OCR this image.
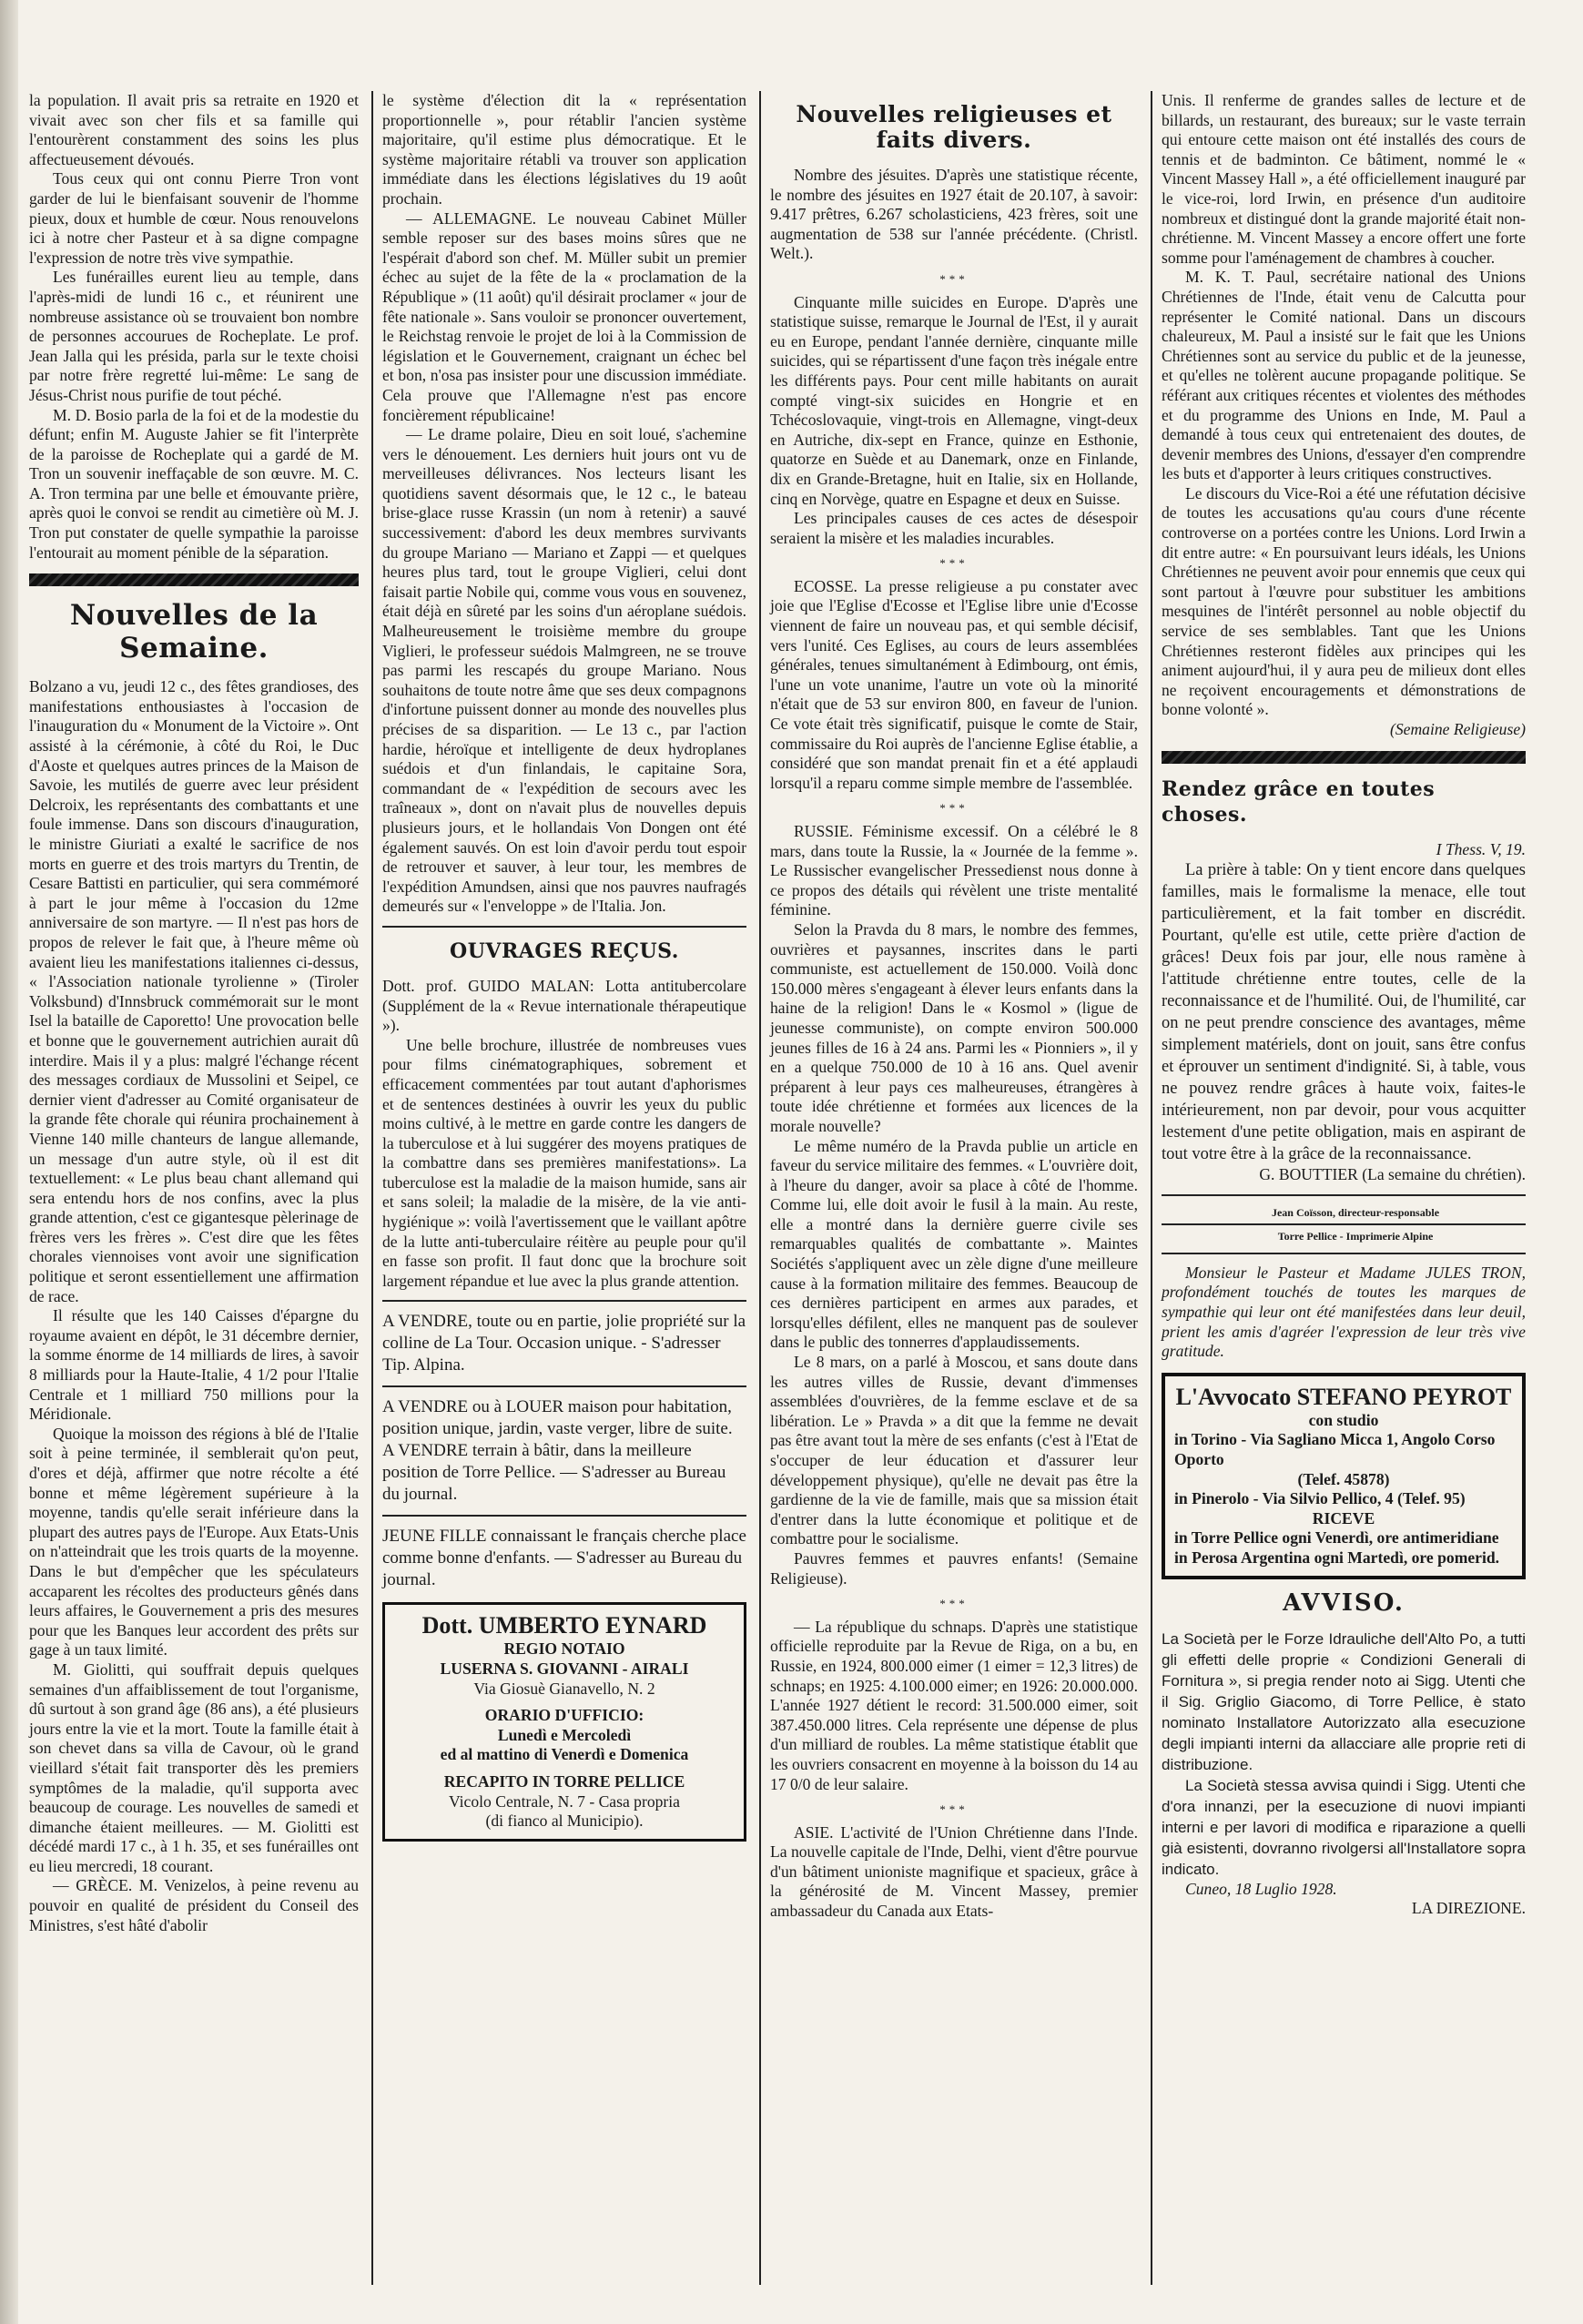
la population. Il avait pris sa retraite en 1920 et vivait avec son cher fils et sa famille qui l'entourèrent constamment des soins les plus affectueusement dévoués.

Tous ceux qui ont connu Pierre Tron vont garder de lui le bienfaisant souvenir de l'homme pieux, doux et humble de cœur. Nous renouvelons ici à notre cher Pasteur et à sa digne compagne l'expression de notre très vive sympathie.

Les funérailles eurent lieu au temple, dans l'après-midi de lundi 16 c., et réunirent une nombreuse assistance où se trouvaient bon nombre de personnes accourues de Rocheplate. Le prof. Jean Jalla qui les présida, parla sur le texte choisi par notre frère regretté lui-même: Le sang de Jésus-Christ nous purifie de tout péché.

M. D. Bosio parla de la foi et de la modestie du défunt; enfin M. Auguste Jahier se fit l'interprète de la paroisse de Rocheplate qui a gardé de M. Tron un souvenir ineffaçable de son œuvre. M. C. A. Tron termina par une belle et émouvante prière, après quoi le convoi se rendit au cimetière où M. J. Tron put constater de quelle sympathie la paroisse l'entourait au moment pénible de la séparation.

Nouvelles de la Semaine.

Bolzano a vu, jeudi 12 c., des fêtes grandioses, des manifestations enthousiastes à l'occasion de l'inauguration du « Monument de la Victoire ». Ont assisté à la cérémonie, à côté du Roi, le Duc d'Aoste et quelques autres princes de la Maison de Savoie, les mutilés de guerre avec leur président Delcroix, les représentants des combattants et une foule immense. Dans son discours d'inauguration, le ministre Giuriati a exalté le sacrifice de nos morts en guerre et des trois martyrs du Trentin, de Cesare Battisti en particulier, qui sera commémoré à part le jour même à l'occasion du 12me anniversaire de son martyre. — Il n'est pas hors de propos de relever le fait que, à l'heure même où avaient lieu les manifestations italiennes ci-dessus, « l'Association nationale tyrolienne » (Tiroler Volksbund) d'Innsbruck commémorait sur le mont Isel la bataille de Caporetto! Une provocation belle et bonne que le gouvernement autrichien aurait dû interdire. Mais il y a plus: malgré l'échange récent des messages cordiaux de Mussolini et Seipel, ce dernier vient d'adresser au Comité organisateur de la grande fête chorale qui réunira prochainement à Vienne 140 mille chanteurs de langue allemande, un message d'un autre style, où il est dit textuellement: « Le plus beau chant allemand qui sera entendu hors de nos confins, avec la plus grande attention, c'est ce gigantesque pèlerinage de frères vers les frères ». C'est dire que les fêtes chorales viennoises vont avoir une signification politique et seront essentiellement une affirmation de race.

Il résulte que les 140 Caisses d'épargne du royaume avaient en dépôt, le 31 décembre dernier, la somme énorme de 14 milliards de lires, à savoir 8 milliards pour la Haute-Italie, 4 1/2 pour l'Italie Centrale et 1 milliard 750 millions pour la Méridionale.

Quoique la moisson des régions à blé de l'Italie soit à peine terminée, il semblerait qu'on peut, d'ores et déjà, affirmer que notre récolte a été bonne et même légèrement supérieure à la moyenne, tandis qu'elle serait inférieure dans la plupart des autres pays de l'Europe. Aux Etats-Unis on n'atteindrait que les trois quarts de la moyenne. Dans le but d'empêcher que les spéculateurs accaparent les récoltes des producteurs gênés dans leurs affaires, le Gouvernement a pris des mesures pour que les Banques leur accordent des prêts sur gage à un taux limité.

M. Giolitti, qui souffrait depuis quelques semaines d'un affaiblissement de tout l'organisme, dû surtout à son grand âge (86 ans), a été plusieurs jours entre la vie et la mort. Toute la famille était à son chevet dans sa villa de Cavour, où le grand vieillard s'était fait transporter dès les premiers symptômes de la maladie, qu'il supporta avec beaucoup de courage. Les nouvelles de samedi et dimanche étaient meilleures. — M. Giolitti est décédé mardi 17 c., à 1 h. 35, et ses funérailles ont eu lieu mercredi, 18 courant.

— GRÈCE. M. Venizelos, à peine revenu au pouvoir en qualité de président du Conseil des Ministres, s'est hâté d'abolir

le système d'élection dit la « représentation proportionnelle », pour rétablir l'ancien système majoritaire, qu'il estime plus démocratique. Et le système majoritaire rétabli va trouver son application immédiate dans les élections législatives du 19 août prochain.

— ALLEMAGNE. Le nouveau Cabinet Müller semble reposer sur des bases moins sûres que ne l'espérait d'abord son chef. M. Müller subit un premier échec au sujet de la fête de la « proclamation de la République » (11 août) qu'il désirait proclamer « jour de fête nationale ». Sans vouloir se prononcer ouvertement, le Reichstag renvoie le projet de loi à la Commission de législation et le Gouvernement, craignant un échec bel et bon, n'osa pas insister pour une discussion immédiate. Cela prouve que l'Allemagne n'est pas encore foncièrement républicaine!

— Le drame polaire, Dieu en soit loué, s'achemine vers le dénouement. Les derniers huit jours ont vu de merveilleuses délivrances. Nos lecteurs lisant les quotidiens savent désormais que, le 12 c., le bateau brise-glace russe Krassin (un nom à retenir) a sauvé successivement: d'abord les deux membres survivants du groupe Mariano — Mariano et Zappi — et quelques heures plus tard, tout le groupe Viglieri, celui dont faisait partie Nobile qui, comme vous vous en souvenez, était déjà en sûreté par les soins d'un aéroplane suédois. Malheureusement le troisième membre du groupe Viglieri, le professeur suédois Malmgreen, ne se trouve pas parmi les rescapés du groupe Mariano. Nous souhaitons de toute notre âme que ses deux compagnons d'infortune puissent donner au monde des nouvelles plus précises de sa disparition. — Le 13 c., par l'action hardie, héroïque et intelligente de deux hydroplanes suédois et d'un finlandais, le capitaine Sora, commandant de « l'expédition de secours avec les traîneaux », dont on n'avait plus de nouvelles depuis plusieurs jours, et le hollandais Von Dongen ont été également sauvés. On est loin d'avoir perdu tout espoir de retrouver et sauver, à leur tour, les membres de l'expédition Amundsen, ainsi que nos pauvres naufragés demeurés sur « l'enveloppe » de l'Italia. Jon.

OUVRAGES REÇUS.

Dott. prof. GUIDO MALAN: Lotta antitubercolare (Supplément de la « Revue internationale thérapeutique »).

Une belle brochure, illustrée de nombreuses vues pour films cinématographiques, sobrement et efficacement commentées par tout autant d'aphorismes et de sentences destinées à ouvrir les yeux du public moins cultivé, à le mettre en garde contre les dangers de la tuberculose et à lui suggérer des moyens pratiques de la combattre dans ses premières manifestations». La tuberculose est la maladie de la maison humide, sans air et sans soleil; la maladie de la misère, de la vie anti-hygiénique »: voilà l'avertissement que le vaillant apôtre de la lutte anti-tuberculaire réitère au peuple pour qu'il en fasse son profit. Il faut donc que la brochure soit largement répandue et lue avec la plus grande attention.

A VENDRE, toute ou en partie, jolie propriété sur la colline de La Tour. Occasion unique. - S'adresser Tip. Alpina.

A VENDRE ou à LOUER maison pour habitation, position unique, jardin, vaste verger, libre de suite.

A VENDRE terrain à bâtir, dans la meilleure position de Torre Pellice. — S'adresser au Bureau du journal.

JEUNE FILLE connaissant le français cherche place comme bonne d'enfants. — S'adresser au Bureau du journal.

Dott. UMBERTO EYNARD

REGIO NOTAIO

LUSERNA S. GIOVANNI - AIRALI

Via Giosuè Gianavello, N. 2

ORARIO D'UFFICIO:

Lunedì e Mercoledì

ed al mattino di Venerdì e Domenica

RECAPITO IN TORRE PELLICE

Vicolo Centrale, N. 7 - Casa propria

(di fianco al Municipio).

Nouvelles religieuses et faits divers.

Nombre des jésuites. D'après une statistique récente, le nombre des jésuites en 1927 était de 20.107, à savoir: 9.417 prêtres, 6.267 scholasticiens, 423 frères, soit une augmentation de 538 sur l'année précédente. (Christl. Welt.).

***

Cinquante mille suicides en Europe. D'après une statistique suisse, remarque le Journal de l'Est, il y aurait eu en Europe, pendant l'année dernière, cinquante mille suicides, qui se répartissent d'une façon très inégale entre les différents pays. Pour cent mille habitants on aurait compté vingt-six suicides en Hongrie et en Tchécoslovaquie, vingt-trois en Allemagne, vingt-deux en Autriche, dix-sept en France, quinze en Esthonie, quatorze en Suède et au Danemark, onze en Finlande, dix en Grande-Bretagne, huit en Italie, six en Hollande, cinq en Norvège, quatre en Espagne et deux en Suisse.

Les principales causes de ces actes de désespoir seraient la misère et les maladies incurables.

***

ECOSSE. La presse religieuse a pu constater avec joie que l'Eglise d'Ecosse et l'Eglise libre unie d'Ecosse viennent de faire un nouveau pas, et qui semble décisif, vers l'unité. Ces Eglises, au cours de leurs assemblées générales, tenues simultanément à Edimbourg, ont émis, l'une un vote unanime, l'autre un vote où la minorité n'était que de 53 sur environ 800, en faveur de l'union. Ce vote était très significatif, puisque le comte de Stair, commissaire du Roi auprès de l'ancienne Eglise établie, a considéré que son mandat prenait fin et a été applaudi lorsqu'il a reparu comme simple membre de l'assemblée.

***

RUSSIE. Féminisme excessif. On a célébré le 8 mars, dans toute la Russie, la « Journée de la femme ». Le Russischer evangelischer Pressedienst nous donne à ce propos des détails qui révèlent une triste mentalité féminine.

Selon la Pravda du 8 mars, le nombre des femmes, ouvrières et paysannes, inscrites dans le parti communiste, est actuellement de 150.000. Voilà donc 150.000 mères s'engageant à élever leurs enfants dans la haine de la religion! Dans le « Kosmol » (ligue de jeunesse communiste), on compte environ 500.000 jeunes filles de 16 à 24 ans. Parmi les « Pionniers », il y en a quelque 750.000 de 10 à 16 ans. Quel avenir préparent à leur pays ces malheureuses, étrangères à toute idée chrétienne et formées aux licences de la morale nouvelle?

Le même numéro de la Pravda publie un article en faveur du service militaire des femmes. « L'ouvrière doit, à l'heure du danger, avoir sa place à côté de l'homme. Comme lui, elle doit avoir le fusil à la main. Au reste, elle a montré dans la dernière guerre civile ses remarquables qualités de combattante ». Maintes Sociétés s'appliquent avec un zèle digne d'une meilleure cause à la formation militaire des femmes. Beaucoup de ces dernières participent en armes aux parades, et lorsqu'elles défilent, elles ne manquent pas de soulever dans le public des tonnerres d'applaudissements.

Le 8 mars, on a parlé à Moscou, et sans doute dans les autres villes de Russie, devant d'immenses assemblées d'ouvrières, de la femme esclave et de sa libération. Le » Pravda » a dit que la femme ne devait pas être avant tout la mère de ses enfants (c'est à l'Etat de s'occuper de leur éducation et d'assurer leur développement physique), qu'elle ne devait pas être la gardienne de la vie de famille, mais que sa mission était d'entrer dans la lutte économique et politique et de combattre pour le socialisme.

Pauvres femmes et pauvres enfants! (Semaine Religieuse).

***

— La république du schnaps. D'après une statistique officielle reproduite par la Revue de Riga, on a bu, en Russie, en 1924, 800.000 eimer (1 eimer = 12,3 litres) de schnaps; en 1925: 4.100.000 eimer; en 1926: 20.000.000. L'année 1927 détient le record: 31.500.000 eimer, soit 387.450.000 litres. Cela représente une dépense de plus d'un milliard de roubles. La même statistique établit que les ouvriers consacrent en moyenne à la boisson du 14 au 17 0/0 de leur salaire.

***

ASIE. L'activité de l'Union Chrétienne dans l'Inde. La nouvelle capitale de l'Inde, Delhi, vient d'être pourvue d'un bâtiment unioniste magnifique et spacieux, grâce à la générosité de M. Vincent Massey, premier ambassadeur du Canada aux Etats-

Unis. Il renferme de grandes salles de lecture et de billards, un restaurant, des bureaux; sur le vaste terrain qui entoure cette maison ont été installés des cours de tennis et de badminton. Ce bâtiment, nommé le « Vincent Massey Hall », a été officiellement inauguré par le vice-roi, lord Irwin, en présence d'un auditoire nombreux et distingué dont la grande majorité était non-chrétienne. M. Vincent Massey a encore offert une forte somme pour l'aménagement de chambres à coucher.

M. K. T. Paul, secrétaire national des Unions Chrétiennes de l'Inde, était venu de Calcutta pour représenter le Comité national. Dans un discours chaleureux, M. Paul a insisté sur le fait que les Unions Chrétiennes sont au service du public et de la jeunesse, et qu'elles ne tolèrent aucune propagande politique. Se référant aux critiques récentes et violentes des méthodes et du programme des Unions en Inde, M. Paul a demandé à tous ceux qui entretenaient des doutes, de devenir membres des Unions, d'essayer d'en comprendre les buts et d'apporter à leurs critiques constructives.

Le discours du Vice-Roi a été une réfutation décisive de toutes les accusations qu'au cours d'une récente controverse on a portées contre les Unions. Lord Irwin a dit entre autre: « En poursuivant leurs idéals, les Unions Chrétiennes ne peuvent avoir pour ennemis que ceux qui sont partout à l'œuvre pour substituer les ambitions mesquines de l'intérêt personnel au noble objectif du service de ses semblables. Tant que les Unions Chrétiennes resteront fidèles aux principes qui les animent aujourd'hui, il y aura peu de milieux dont elles ne reçoivent encouragements et démonstrations de bonne volonté ».

(Semaine Religieuse)

Rendez grâce en toutes choses.

I Thess. V, 19.

La prière à table: On y tient encore dans quelques familles, mais le formalisme la menace, elle tout particulièrement, et la fait tomber en discrédit. Pourtant, qu'elle est utile, cette prière d'action de grâces! Deux fois par jour, elle nous ramène à l'attitude chrétienne entre toutes, celle de la reconnaissance et de l'humilité. Oui, de l'humilité, car on ne peut prendre conscience des avantages, même simplement matériels, dont on jouit, sans être confus et éprouver un sentiment d'indignité. Si, à table, vous ne pouvez rendre grâces à haute voix, faites-le intérieurement, non par devoir, pour vous acquitter lestement d'une petite obligation, mais en aspirant de tout votre être à la grâce de la reconnaissance.

G. BOUTTIER (La semaine du chrétien).

Jean Coïsson, directeur-responsable

Torre Pellice - Imprimerie Alpine

Monsieur le Pasteur et Madame JULES TRON, profondément touchés de toutes les marques de sympathie qui leur ont été manifestées dans leur deuil, prient les amis d'agréer l'expression de leur très vive gratitude.

L'Avvocato STEFANO PEYROT

con studio

in Torino - Via Sagliano Micca 1, Angolo Corso Oporto

(Telef. 45878)

in Pinerolo - Via Silvio Pellico, 4 (Telef. 95)

RICEVE

in Torre Pellice ogni Venerdì, ore antimeridiane

in Perosa Argentina ogni Martedì, ore pomerid.

AVVISO.

La Società per le Forze Idrauliche dell'Alto Po, a tutti gli effetti delle proprie « Condizioni Generali di Fornitura », si pregia render noto ai Sigg. Utenti che il Sig. Griglio Giacomo, di Torre Pellice, è stato nominato Installatore Autorizzato alla esecuzione degli impianti interni da allacciare alle proprie reti di distribuzione.

La Società stessa avvisa quindi i Sigg. Utenti che d'ora innanzi, per la esecuzione di nuovi impianti interni e per lavori di modifica e riparazione a quelli già esistenti, dovranno rivolgersi all'Installatore sopra indicato.

Cuneo, 18 Luglio 1928.

LA DIREZIONE.
